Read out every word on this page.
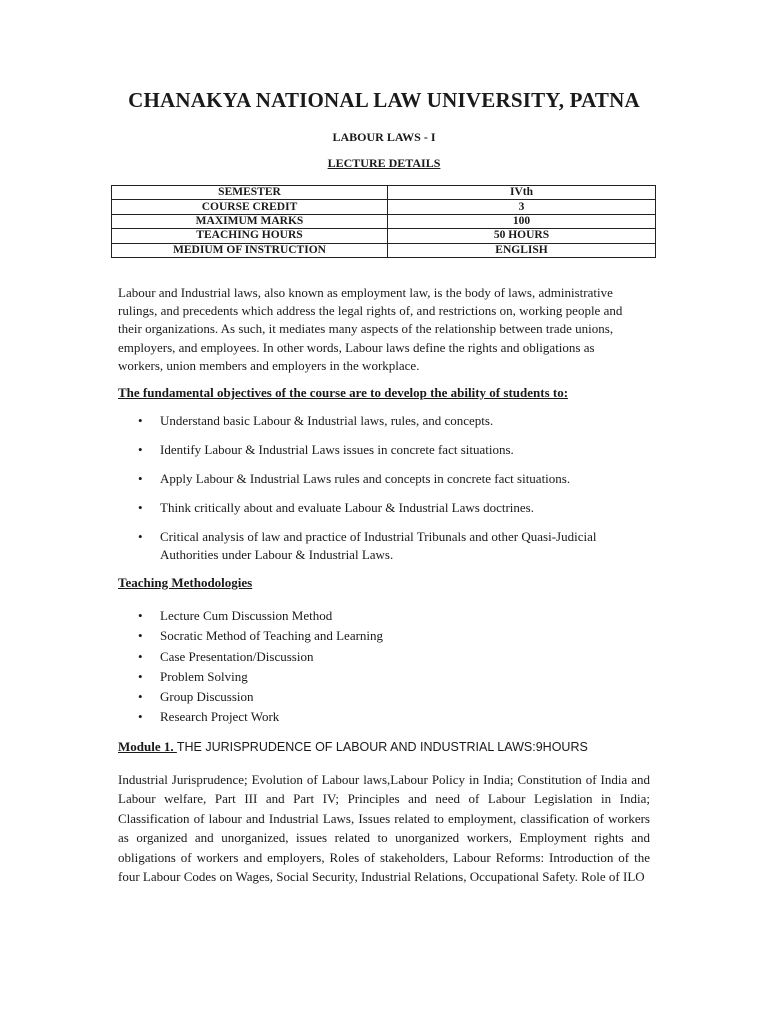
CHANAKYA NATIONAL LAW UNIVERSITY, PATNA
LABOUR LAWS - I
LECTURE DETAILS
SEMESTER	IVth
COURSE CREDIT	3
MAXIMUM MARKS	100
TEACHING HOURS	50 HOURS
MEDIUM OF INSTRUCTION	ENGLISH

Labour and Industrial laws, also known as employment law, is the body of laws, administrative rulings, and precedents which address the legal rights of, and restrictions on, working people and their organizations. As such, it mediates many aspects of the relationship between trade unions, employers, and employees. In other words, Labour laws define the rights and obligations as workers, union members and employers in the workplace.

The fundamental objectives of the course are to develop the ability of students to:

• Understand basic Labour & Industrial laws, rules, and concepts.
• Identify Labour & Industrial Laws issues in concrete fact situations.
• Apply Labour & Industrial Laws rules and concepts in concrete fact situations.
• Think critically about and evaluate Labour & Industrial Laws doctrines.
• Critical analysis of law and practice of Industrial Tribunals and other Quasi-Judicial Authorities under Labour & Industrial Laws.

Teaching Methodologies

• Lecture Cum Discussion Method
• Socratic Method of Teaching and Learning
• Case Presentation/Discussion
• Problem Solving
• Group Discussion
• Research Project Work

Module 1. THE JURISPRUDENCE OF LABOUR AND INDUSTRIAL LAWS:9HOURS

Industrial Jurisprudence; Evolution of Labour laws,Labour Policy in India; Constitution of India and Labour welfare, Part III and Part IV; Principles and need of Labour Legislation in India; Classification of labour and Industrial Laws, Issues related to employment, classification of workers as organized and unorganized, issues related to unorganized workers, Employment rights and obligations of workers and employers, Roles of stakeholders, Labour Reforms: Introduction of the four Labour Codes on Wages, Social Security, Industrial Relations, Occupational Safety. Role of ILO
